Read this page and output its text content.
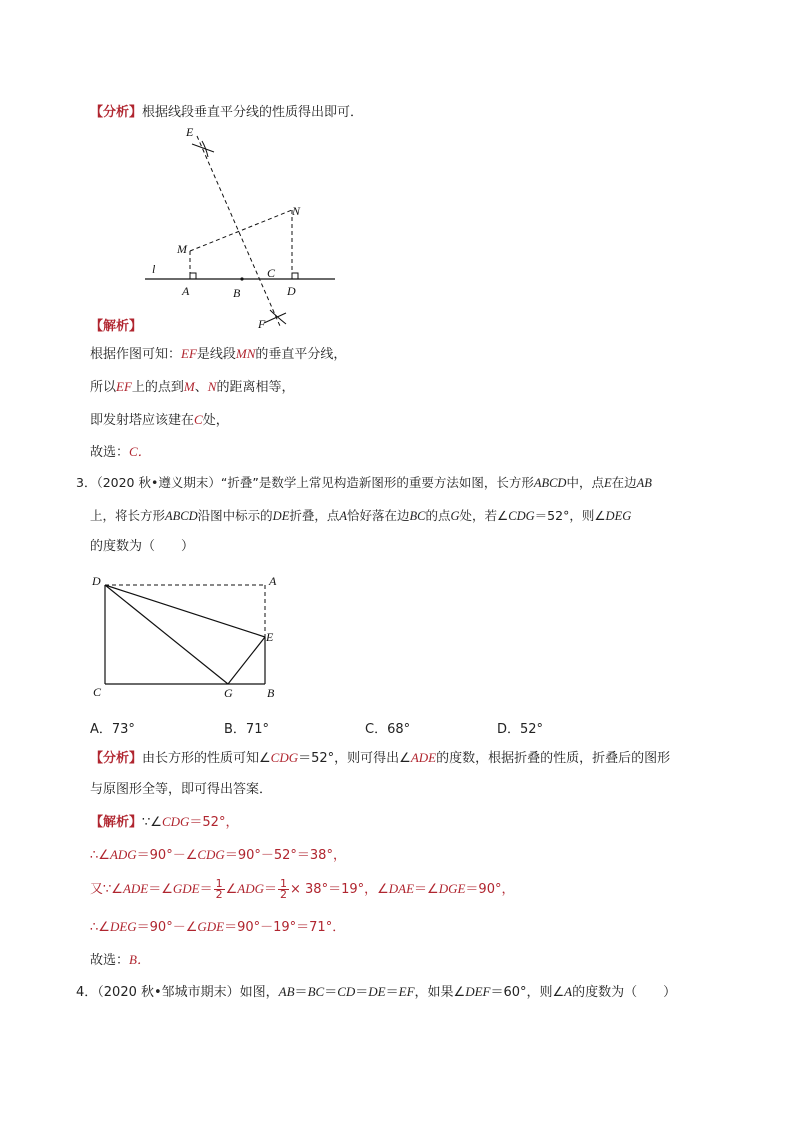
【分析】根据线段垂直平分线的性质得出即可．
E
N
M
l	C
A	B	D
F
【解析】
根据作图可知：EF是线段MN的垂直平分线，
所以EF上的点到M、N的距离相等，
即发射塔应该建在C处，
故选：C．
3．（2020 秋•遵义期末）“折叠”是数学上常见构造新图形的重要方法如图，长方形ABCD中，点E在边AB
上，将长方形ABCD沿图中标示的DE折叠，点A恰好落在边BC的点G处，若∠CDG＝52°，则∠DEG
的度数为（　　）
D	A
E
C	G	B
A．73°	B．71°	C．68°	D．52°
【分析】由长方形的性质可知∠CDG＝52°，则可得出∠ADE的度数，根据折叠的性质，折叠后的图形
与原图形全等，即可得出答案．
【解析】∵∠CDG＝52°，
∴∠ADG＝90°－∠CDG＝90°－52°＝38°，
又∵∠ADE＝∠GDE＝ $\frac{1}{2}$ ∠ADG＝ $\frac{1}{2} \times 38^\circ=19^\circ$，∠DAE＝∠DGE＝90°，
∴∠DEG＝90°－∠GDE＝90°－19°＝71°．
故选：B．
4．（2020 秋•邹城市期末）如图，AB＝BC＝CD＝DE＝EF，如果∠DEF＝60°，则∠A的度数为（　　）
